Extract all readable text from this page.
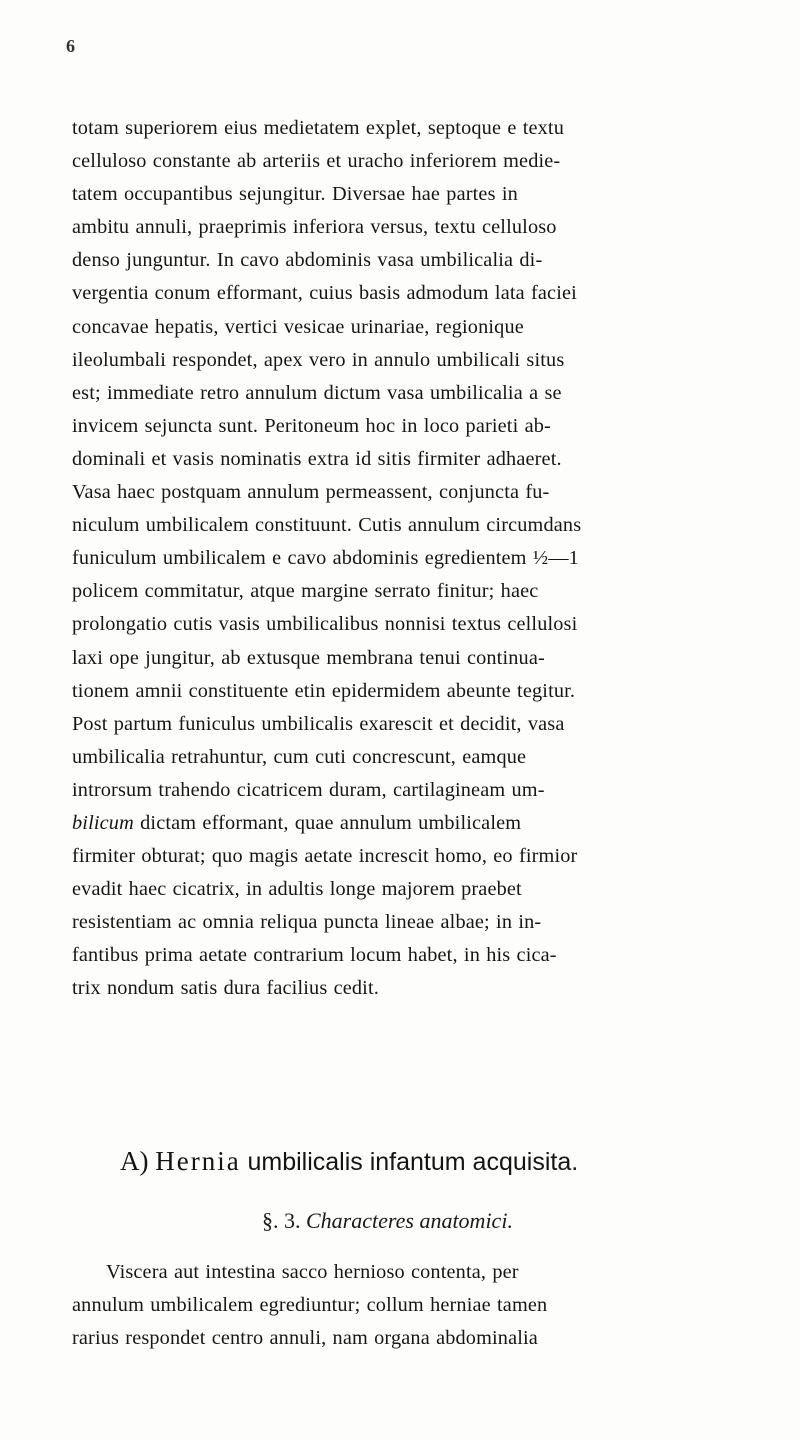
6
totam superiorem eius medietatem explet, septoque e textu
celluloso constante ab arteriis et uracho inferiorem medie-
tatem occupantibus sejungitur. Diversae hae partes in
ambitu annuli, praeprimis inferiora versus, textu celluloso
denso junguntur. In cavo abdominis vasa umbilicalia di-
vergentia conum efformant, cuius basis admodum lata faciei
concavae hepatis, vertici vesicae urinariae, regionique
ileolumbali respondet, apex vero in annulo umbilicali situs
est; immediate retro annulum dictum vasa umbilicalia a se
invicem sejuncta sunt. Peritoneum hoc in loco parieti ab-
dominali et vasis nominatis extra id sitis firmiter adhaeret.
Vasa haec postquam annulum permeassent, conjuncta fu-
niculum umbilicalem constituunt. Cutis annulum circumdans
funiculum umbilicalem e cavo abdominis egredientem ½—1
policem commitatur, atque margine serrato finitur; haec
prolongatio cutis vasis umbilicalibus nonnisi textus cellulosi
laxi ope jungitur, ab extusque membrana tenui continua-
tionem amnii constituente etin epidermidem abeunte tegitur.
Post partum funiculus umbilicalis exarescit et decidit, vasa
umbilicalia retrahuntur, cum cuti concrescunt, eamque
introrsum trahendo cicatricem duram, cartilagineam um-
bilicum dictam efformant, quae annulum umbilicalem
firmiter obturat; quo magis aetate increscit homo, eo firmior
evadit haec cicatrix, in adultis longe majorem praebet
resistentiam ac omnia reliqua puncta lineae albae; in in-
fantibus prima aetate contrarium locum habet, in his cica-
trix nondum satis dura facilius cedit.
A) Hernia umbilicalis infantum acquisita.
§. 3. Characteres anatomici.
Viscera aut intestina sacco hernioso contenta, per
annulum umbilicalem egrediuntur; collum herniae tamen
rarius respondet centro annuli, nam organa abdominalia
